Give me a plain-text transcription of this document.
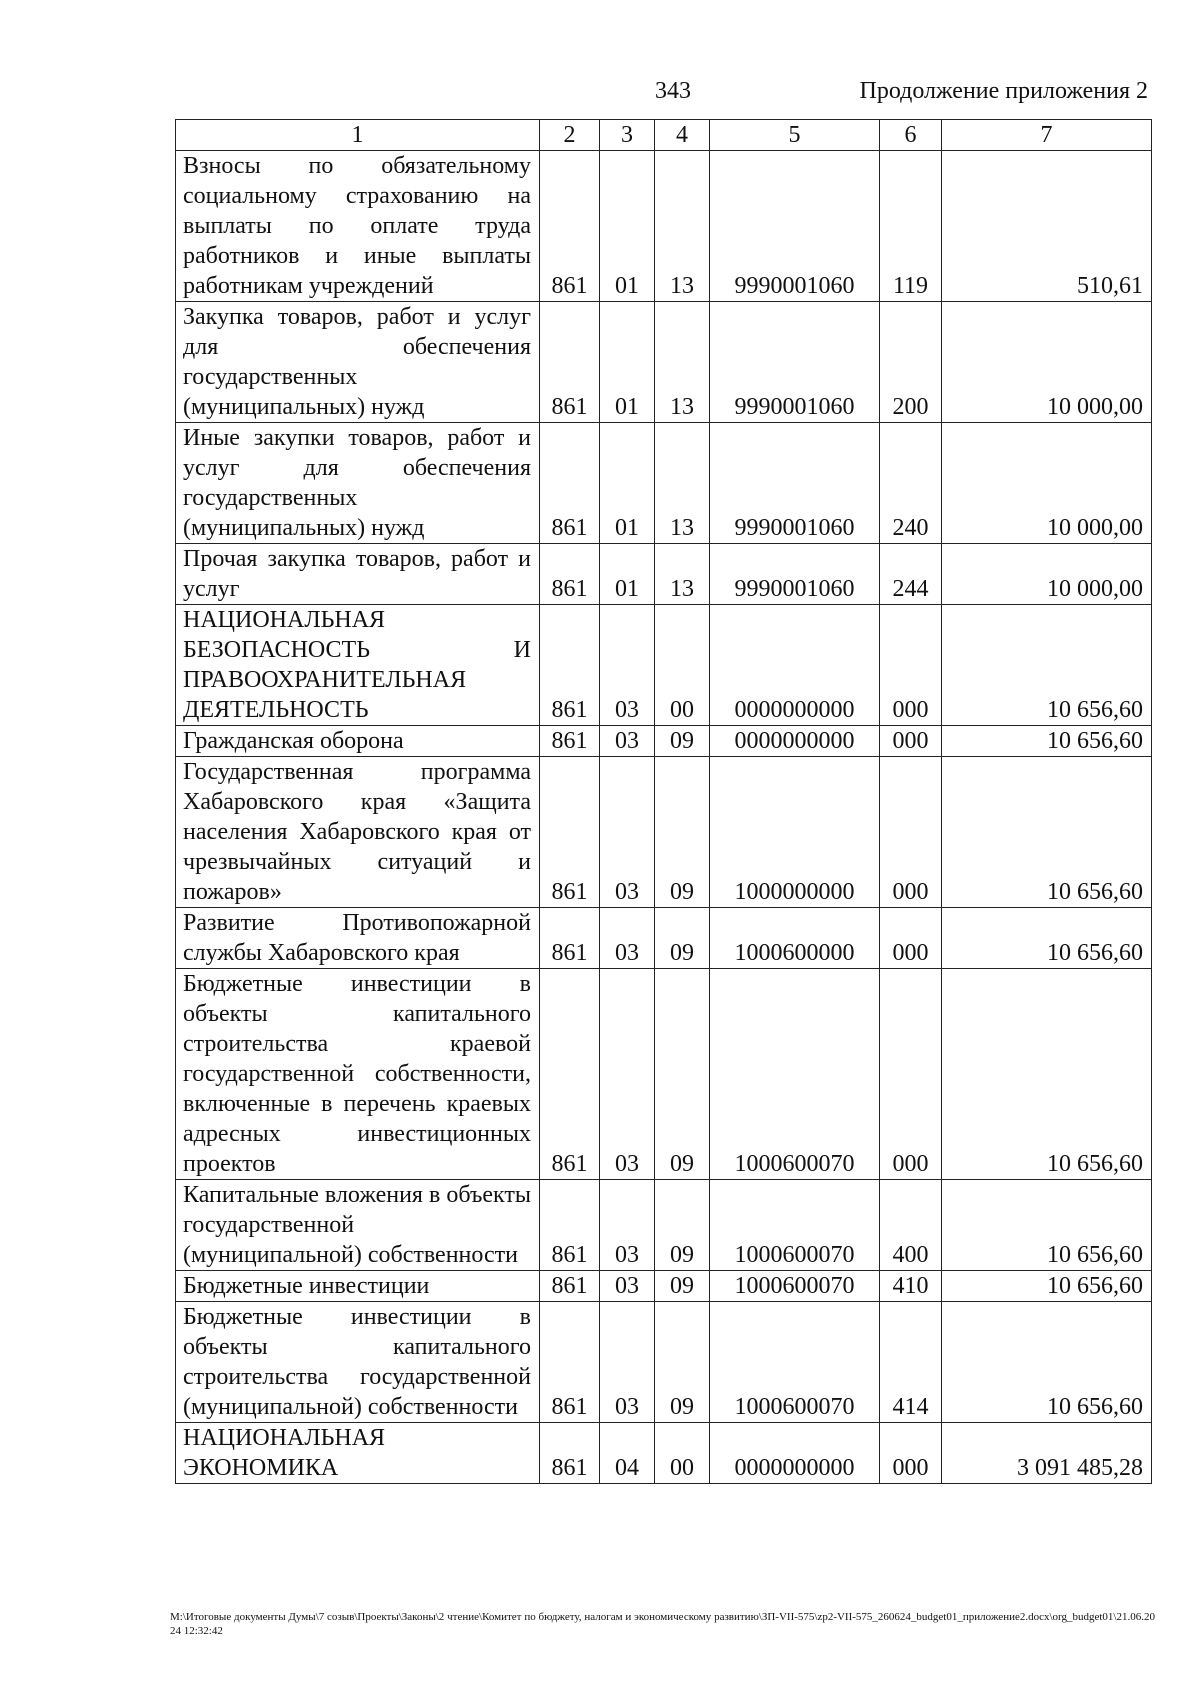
343	Продолжение приложения 2
1	2	3	4	5	6	7
Взносы по обязательному социальному страхованию на выплаты по оплате труда работников и иные выплаты работникам учреждений	861	01	13	9990001060	119	510,61
Закупка товаров, работ и услуг для обеспечения государственных (муниципальных) нужд	861	01	13	9990001060	200	10 000,00
Иные закупки товаров, работ и услуг для обеспечения государственных (муниципальных) нужд	861	01	13	9990001060	240	10 000,00
Прочая закупка товаров, работ и услуг	861	01	13	9990001060	244	10 000,00
НАЦИОНАЛЬНАЯ БЕЗОПАСНОСТЬ И ПРАВООХРАНИТЕЛЬНАЯ ДЕЯТЕЛЬНОСТЬ	861	03	00	0000000000	000	10 656,60
Гражданская оборона	861	03	09	0000000000	000	10 656,60
Государственная программа Хабаровского края «Защита населения Хабаровского края от чрезвычайных ситуаций и пожаров»	861	03	09	1000000000	000	10 656,60
Развитие Противопожарной службы Хабаровского края	861	03	09	1000600000	000	10 656,60
Бюджетные инвестиции в объекты капитального строительства краевой государственной собственности, включенные в перечень краевых адресных инвестиционных проектов	861	03	09	1000600070	000	10 656,60
Капитальные вложения в объекты государственной (муниципальной) собственности	861	03	09	1000600070	400	10 656,60
Бюджетные инвестиции	861	03	09	1000600070	410	10 656,60
Бюджетные инвестиции в объекты капитального строительства государственной (муниципальной) собственности	861	03	09	1000600070	414	10 656,60
НАЦИОНАЛЬНАЯ ЭКОНОМИКА	861	04	00	0000000000	000	3 091 485,28
M:\Итоговые документы Думы\7 созыв\Проекты\Законы\2 чтение\Комитет по бюджету, налогам и экономическому развитию\ЗП-VII-575\zp2-VII-575_260624_budget01_приложение2.docx\org_budget01\21.06.2024 12:32:42
